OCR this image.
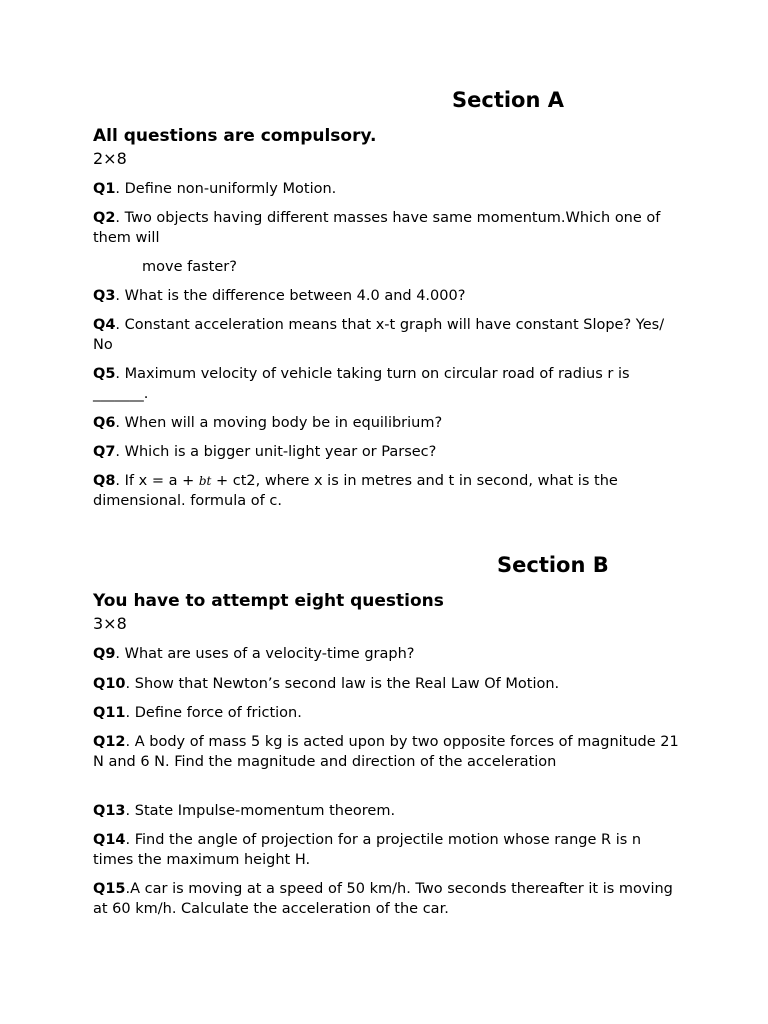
Section A

All questions are compulsory.

2×8

Q1. Define non-uniformly Motion.

Q2. Two objects having different masses have same momentum.Which one of them will

move faster?

Q3. What is the difference between 4.0 and 4.000?

Q4. Constant acceleration means that x-t graph will have constant Slope? Yes/ No

Q5. Maximum velocity of vehicle taking turn on circular road of radius r is _______.

Q6. When will a moving body be in equilibrium?

Q7. Which is a bigger unit-light year or Parsec?

Q8. If x = a + bt + ct2, where x is in metres and t in second, what is the dimensional. formula of c.

Section B

You have to attempt eight questions

3×8

Q9. What are uses of a velocity-time graph?

Q10. Show that Newton’s second law is the Real Law Of Motion.

Q11. Define force of friction.

Q12. A body of mass 5 kg is acted upon by two opposite forces of magnitude 21 N and 6 N. Find the magnitude and direction of the acceleration

Q13. State Impulse-momentum theorem.

Q14. Find the angle of projection for a projectile motion whose range R is n times the maximum height H.

Q15.A car is moving at a speed of 50 km/h. Two seconds thereafter it is moving at 60 km/h. Calculate the acceleration of the car.
